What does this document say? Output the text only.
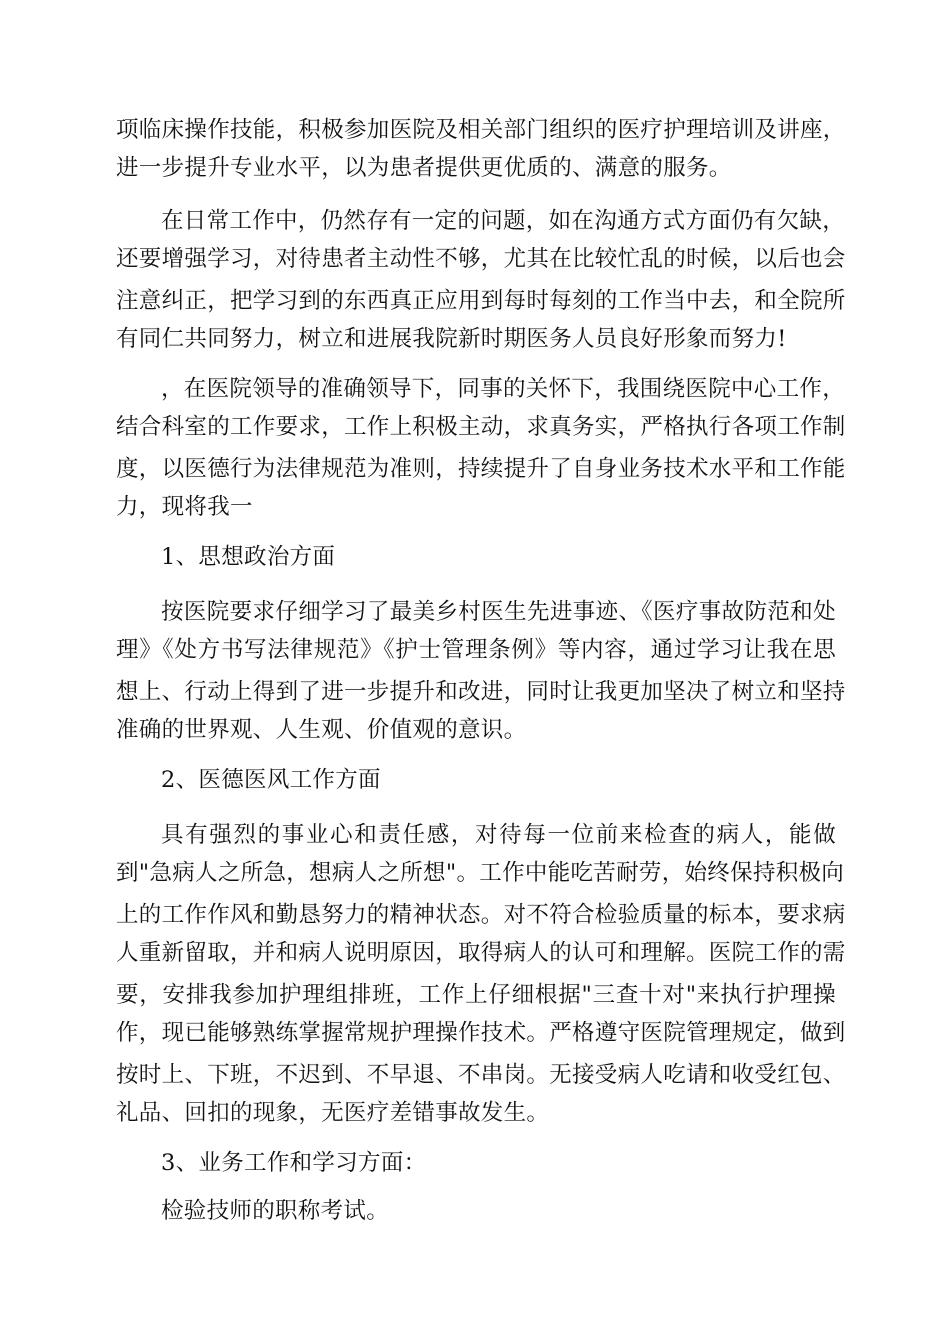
项临床操作技能，积极参加医院及相关部门组织的医疗护理培训及讲座，
进一步提升专业水平，以为患者提供更优质的、满意的服务。
在日常工作中，仍然存有一定的问题，如在沟通方式方面仍有欠缺，
还要增强学习，对待患者主动性不够，尤其在比较忙乱的时候，以后也会
注意纠正，把学习到的东西真正应用到每时每刻的工作当中去，和全院所
有同仁共同努力，树立和进展我院新时期医务人员良好形象而努力!
，在医院领导的准确领导下，同事的关怀下，我围绕医院中心工作，
结合科室的工作要求，工作上积极主动，求真务实，严格执行各项工作制
度，以医德行为法律规范为准则，持续提升了自身业务技术水平和工作能
力，现将我一
1、思想政治方面
按医院要求仔细学习了最美乡村医生先进事迹、《医疗事故防范和处
理》《处方书写法律规范》《护士管理条例》等内容，通过学习让我在思
想上、行动上得到了进一步提升和改进，同时让我更加坚决了树立和坚持
准确的世界观、人生观、价值观的意识。
2、医德医风工作方面
具有强烈的事业心和责任感，对待每一位前来检查的病人，能做
到"急病人之所急，想病人之所想"。工作中能吃苦耐劳，始终保持积极向
上的工作作风和勤恳努力的精神状态。对不符合检验质量的标本，要求病
人重新留取，并和病人说明原因，取得病人的认可和理解。医院工作的需
要，安排我参加护理组排班，工作上仔细根据"三查十对"来执行护理操
作，现已能够熟练掌握常规护理操作技术。严格遵守医院管理规定，做到
按时上、下班，不迟到、不早退、不串岗。无接受病人吃请和收受红包、
礼品、回扣的现象，无医疗差错事故发生。
3、业务工作和学习方面：
检验技师的职称考试。
